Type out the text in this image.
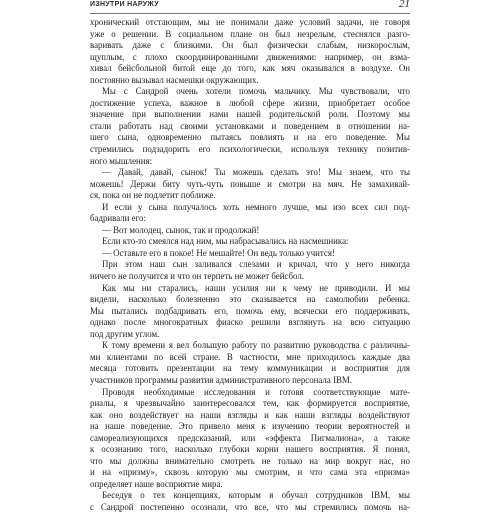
ИЗНУТРИ НАРУЖУ	21
хронический отстающим, мы не понимали даже условий задачи, не говоря
уже о решении. В социальном плане он был незрелым, стеснялся разго-
варивать даже с близкими. Он был физически слабым, низкорослым,
щуплым, с плохо скоординированными движениями: например, он взма-
хивал бейсбольной битой еще до того, как мяч оказывался в воздухе. Он
постоянно вызывал насмешки окружающих.
Мы с Сандрой очень хотели помочь мальчику. Мы чувствовали, что
достижение успеха, важное в любой сфере жизни, приобретает особое
значение при выполнении нами нашей родительской роли. Поэтому мы
стали работать над своими установками и поведением в отношении на-
шего сына, одновременно пытаясь повлиять и на его поведение. Мы
стремились подзадорить его психологически, используя технику позитив-
ного мышления:
— Давай, давай, сынок! Ты можешь сделать это! Мы знаем, что ты
можешь! Держи биту чуть-чуть повыше и смотри на мяч. Не замахивай-
ся, пока он не подлетит поближе.
И если у сына получалось хоть немного лучше, мы изо всех сил под-
бадривали его:
— Вот молодец, сынок, так и продолжай!
Если кто-то смеялся над ним, мы набрасывались на насмешника:
— Оставьте его в покое! Не мешайте! Он ведь только учится!
При этом наш сын заливался слезами и кричал, что у него никогда
ничего не получится и что он терпеть не может бейсбол.
Как мы ни старались, наши усилия ни к чему не приводили. И мы
видели, насколько болезненно это сказывается на самолюбии ребенка.
Мы пытались подбадривать его, помочь ему, всячески его поддерживать,
однако после многократных фиаско решили взглянуть на всю ситуацию
под другим углом.
К тому времени я вел большую работу по развитию руководства с различны-
ми клиентами по всей стране. В частности, мне приходилось каждые два
месяца готовить презентации на тему коммуникации и восприятия для
участников программы развития административного персонала IBM.
Проводя необходимые исследования и готовя соответствующие мате-
риалы, я чрезвычайно заинтересовался тем, как формируется восприятие,
как оно воздействует на наши взгляды и как наши взгляды воздействуют
на наше поведение. Это привело меня к изучению теории вероятностей и
самореализующихся предсказаний, или «эффекта Пигмалиона», а также
к осознанию того, насколько глубоки корни нашего восприятия. Я понял,
что мы должны внимательно смотреть не только на мир вокруг нас, но
и на «призму», сквозь которую мы смотрим, и что сама эта «призма»
определяет наше восприятие мира.
Беседуя о тех концепциях, которым я обучал сотрудников IBM, мы
с Сандрой постепенно осознали, что все, что мы стремились помочь на-
